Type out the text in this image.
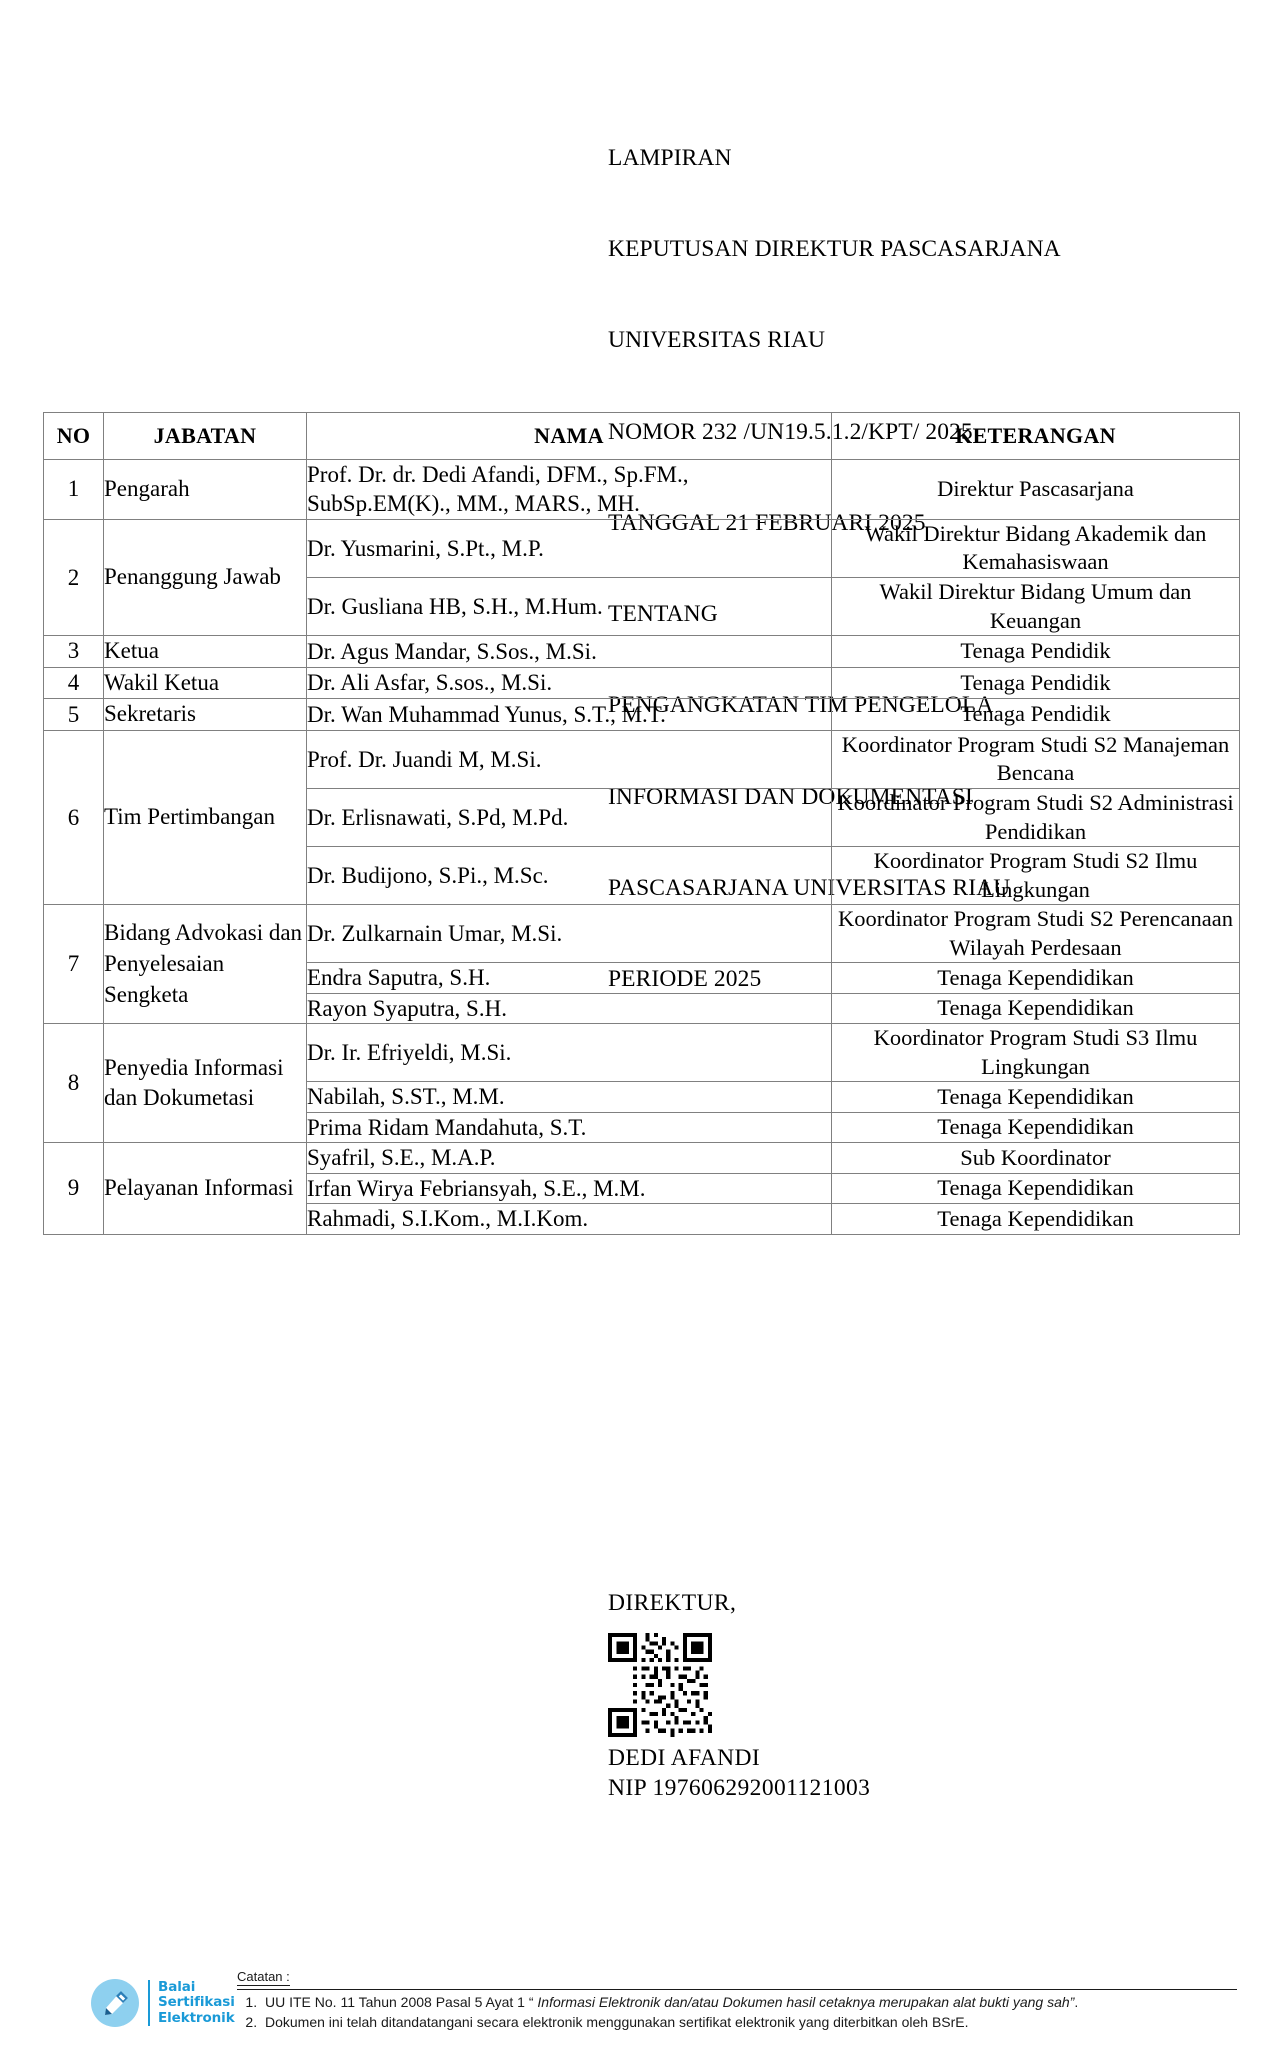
LAMPIRAN

KEPUTUSAN DIREKTUR PASCASARJANA

UNIVERSITAS RIAU

NOMOR 232 /UN19.5.1.2/KPT/ 2025

TANGGAL 21 FEBRUARI 2025

TENTANG

PENGANGKATAN TIM PENGELOLA

INFORMASI DAN DOKUMENTASI

PASCASARJANA UNIVERSITAS RIAU

PERIODE 2025

NO	JABATAN	NAMA	KETERANGAN
1	Pengarah	Prof. Dr. dr. Dedi Afandi, DFM., Sp.FM., SubSp.EM(K)., MM., MARS., MH.	Direktur Pascasarjana
2	Penanggung Jawab	Dr. Yusmarini, S.Pt., M.P.	Wakil Direktur Bidang Akademik dan Kemahasiswaan
		Dr. Gusliana HB, S.H., M.Hum.	Wakil Direktur Bidang Umum dan Keuangan
3	Ketua	Dr. Agus Mandar, S.Sos., M.Si.	Tenaga Pendidik
4	Wakil Ketua	Dr. Ali Asfar, S.sos., M.Si.	Tenaga Pendidik
5	Sekretaris	Dr. Wan Muhammad Yunus, S.T., M.T.	Tenaga Pendidik
6	Tim Pertimbangan	Prof. Dr. Juandi M, M.Si.	Koordinator Program Studi S2 Manajeman Bencana
		Dr. Erlisnawati, S.Pd, M.Pd.	Koordinator Program Studi S2 Administrasi Pendidikan
		Dr. Budijono, S.Pi., M.Sc.	Koordinator Program Studi S2 Ilmu Lingkungan
7	Bidang Advokasi dan Penyelesaian Sengketa	Dr. Zulkarnain Umar, M.Si.	Koordinator Program Studi S2 Perencanaan Wilayah Perdesaan
		Endra Saputra, S.H.	Tenaga Kependidikan
		Rayon Syaputra, S.H.	Tenaga Kependidikan
8	Penyedia Informasi dan Dokumetasi	Dr. Ir. Efriyeldi, M.Si.	Koordinator Program Studi S3 Ilmu Lingkungan
		Nabilah, S.ST., M.M.	Tenaga Kependidikan
		Prima Ridam Mandahuta, S.T.	Tenaga Kependidikan
9	Pelayanan Informasi	Syafril, S.E., M.A.P.	Sub Koordinator
		Irfan Wirya Febriansyah, S.E., M.M.	Tenaga Kependidikan
		Rahmadi, S.I.Kom., M.I.Kom.	Tenaga Kependidikan
DIREKTUR,
DEDI AFANDI
NIP 197606292001121003
Balai
Sertifikasi
Elektronik
Catatan :
1. UU ITE No. 11 Tahun 2008 Pasal 5 Ayat 1 “ Informasi Elektronik dan/atau Dokumen hasil cetaknya merupakan alat bukti yang sah”.
2. Dokumen ini telah ditandatangani secara elektronik menggunakan sertifikat elektronik yang diterbitkan oleh BSrE.
